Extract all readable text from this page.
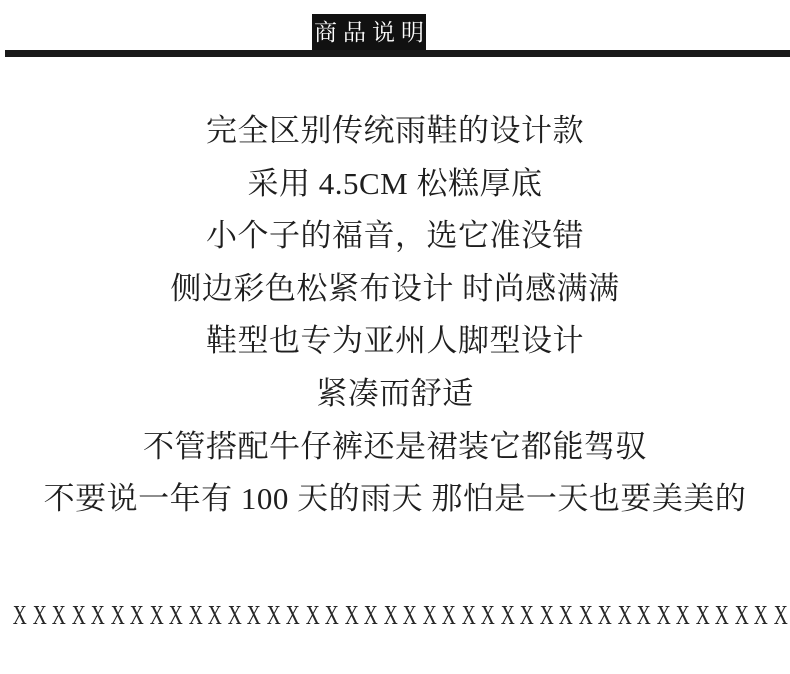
商品说明
完全区别传统雨鞋的设计款
采用 4.5CM 松糕厚底
小个子的福音，选它准没错
侧边彩色松紧布设计 时尚感满满
鞋型也专为亚州人脚型设计
紧凑而舒适
不管搭配牛仔裤还是裙装它都能驾驭
不要说一年有 100 天的雨天 那怕是一天也要美美的
X X X X X X X X X X X X X X X X X X X X X X X X X X X X X X X X X X X X X X X X
